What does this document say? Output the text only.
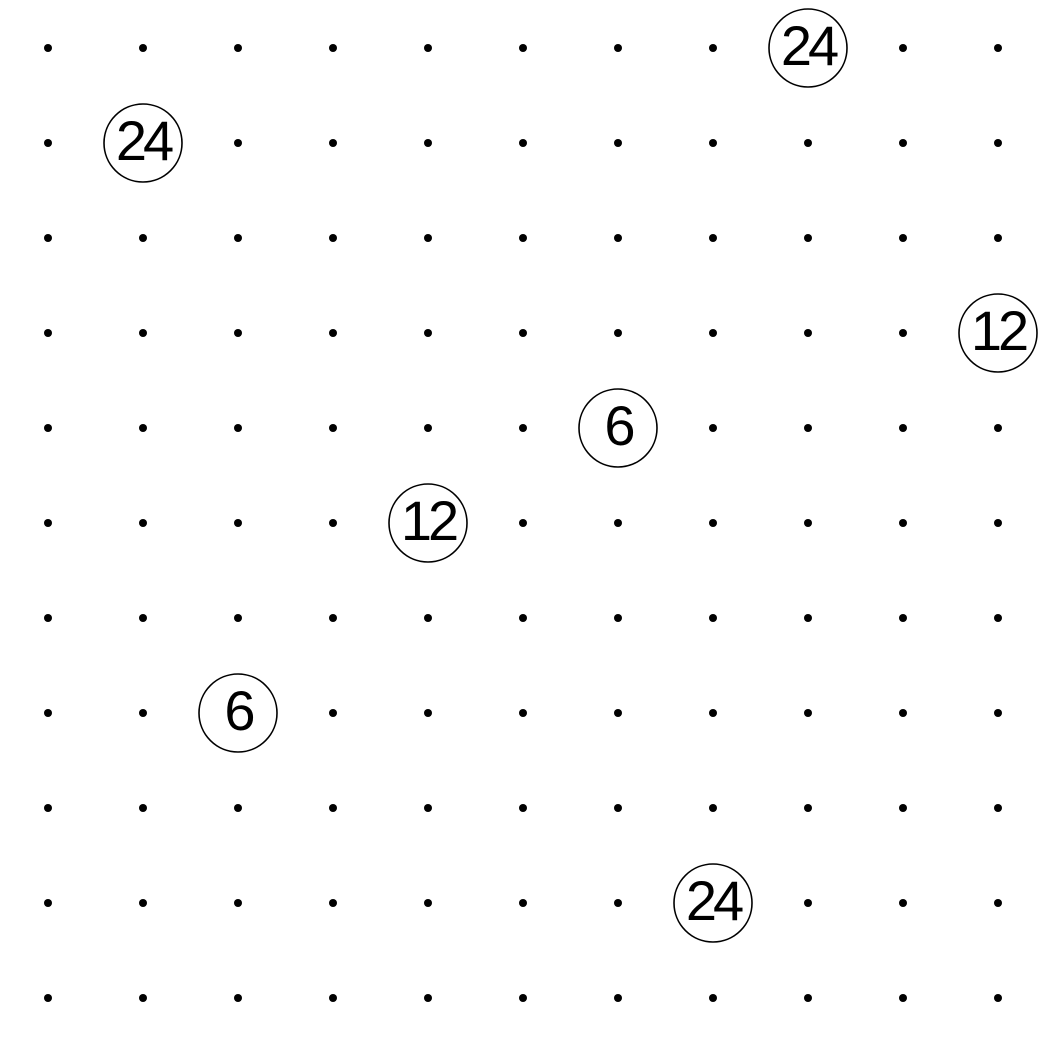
24
24
12
6
12
6
24
